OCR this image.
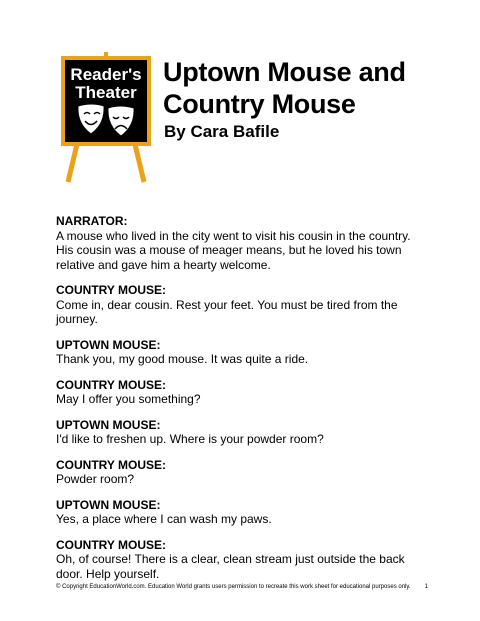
Reader's
Theater
Uptown Mouse and
Country Mouse
By Cara Bafile

NARRATOR:
A mouse who lived in the city went to visit his cousin in the country. His cousin was a mouse of meager means, but he loved his town relative and gave him a hearty welcome.

COUNTRY MOUSE:
Come in, dear cousin. Rest your feet. You must be tired from the journey.

UPTOWN MOUSE:
Thank you, my good mouse. It was quite a ride.

COUNTRY MOUSE:
May I offer you something?

UPTOWN MOUSE:
I'd like to freshen up. Where is your powder room?

COUNTRY MOUSE:
Powder room?

UPTOWN MOUSE:
Yes, a place where I can wash my paws.

COUNTRY MOUSE:
Oh, of course! There is a clear, clean stream just outside the back door. Help yourself.

© Copyright EducationWorld.com. Education World grants users permission to recreate this work sheet for educational purposes only. 1
